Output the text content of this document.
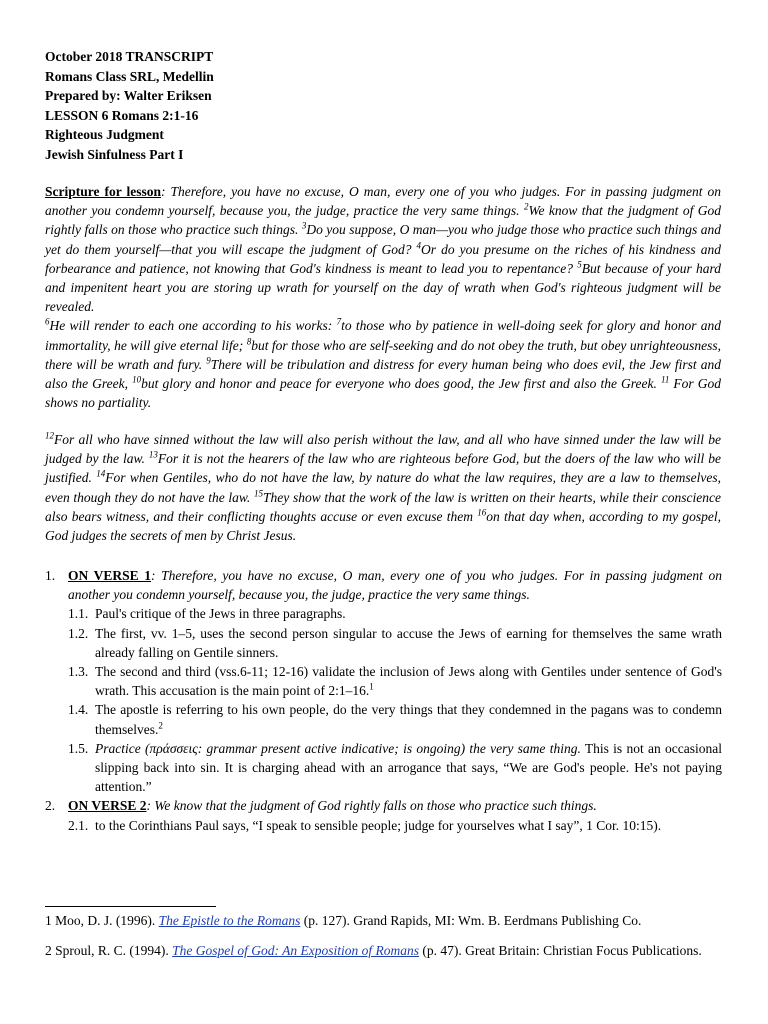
October 2018 TRANSCRIPT
Romans Class SRL, Medellin
Prepared by: Walter Eriksen
LESSON 6 Romans 2:1-16
Righteous Judgment
Jewish Sinfulness Part I
Scripture for lesson: Therefore, you have no excuse, O man, every one of you who judges. For in passing judgment on another you condemn yourself, because you, the judge, practice the very same things. $^2$We know that the judgment of God rightly falls on those who practice such things. $^3$Do you suppose, O man—you who judge those who practice such things and yet do them yourself—that you will escape the judgment of God? $^4$Or do you presume on the riches of his kindness and forbearance and patience, not knowing that God's kindness is meant to lead you to repentance? $^5$But because of your hard and impenitent heart you are storing up wrath for yourself on the day of wrath when God's righteous judgment will be revealed.
$^6$He will render to each one according to his works: $^7$to those who by patience in well-doing seek for glory and honor and immortality, he will give eternal life; $^8$but for those who are self-seeking and do not obey the truth, but obey unrighteousness, there will be wrath and fury. $^9$There will be tribulation and distress for every human being who does evil, the Jew first and also the Greek, $^{10}$but glory and honor and peace for everyone who does good, the Jew first and also the Greek. $^{11}$ For God shows no partiality.
$^{12}$For all who have sinned without the law will also perish without the law, and all who have sinned under the law will be judged by the law. $^{13}$For it is not the hearers of the law who are righteous before God, but the doers of the law who will be justified. $^{14}$For when Gentiles, who do not have the law, by nature do what the law requires, they are a law to themselves, even though they do not have the law. $^{15}$They show that the work of the law is written on their hearts, while their conscience also bears witness, and their conflicting thoughts accuse or even excuse them $^{16}$on that day when, according to my gospel, God judges the secrets of men by Christ Jesus.
1. ON VERSE 1: Therefore, you have no excuse, O man, every one of you who judges. For in passing judgment on another you condemn yourself, because you, the judge, practice the very same things.
1.1. Paul's critique of the Jews in three paragraphs.
1.2. The first, vv. 1–5, uses the second person singular to accuse the Jews of earning for themselves the same wrath already falling on Gentile sinners.
1.3. The second and third (vss.6-11; 12-16) validate the inclusion of Jews along with Gentiles under sentence of God's wrath. This accusation is the main point of 2:1–16.$^1$
1.4. The apostle is referring to his own people, do the very things that they condemned in the pagans was to condemn themselves.$^2$
1.5. Practice (πράσσεις: grammar present active indicative; is ongoing) the very same thing. This is not an occasional slipping back into sin. It is charging ahead with an arrogance that says, “We are God's people. He's not paying attention.”
2. ON VERSE 2: We know that the judgment of God rightly falls on those who practice such things.
2.1. to the Corinthians Paul says, “I speak to sensible people; judge for yourselves what I say”, 1 Cor. 10:15).
1 Moo, D. J. (1996). The Epistle to the Romans (p. 127). Grand Rapids, MI: Wm. B. Eerdmans Publishing Co.
2 Sproul, R. C. (1994). The Gospel of God: An Exposition of Romans (p. 47). Great Britain: Christian Focus Publications.
